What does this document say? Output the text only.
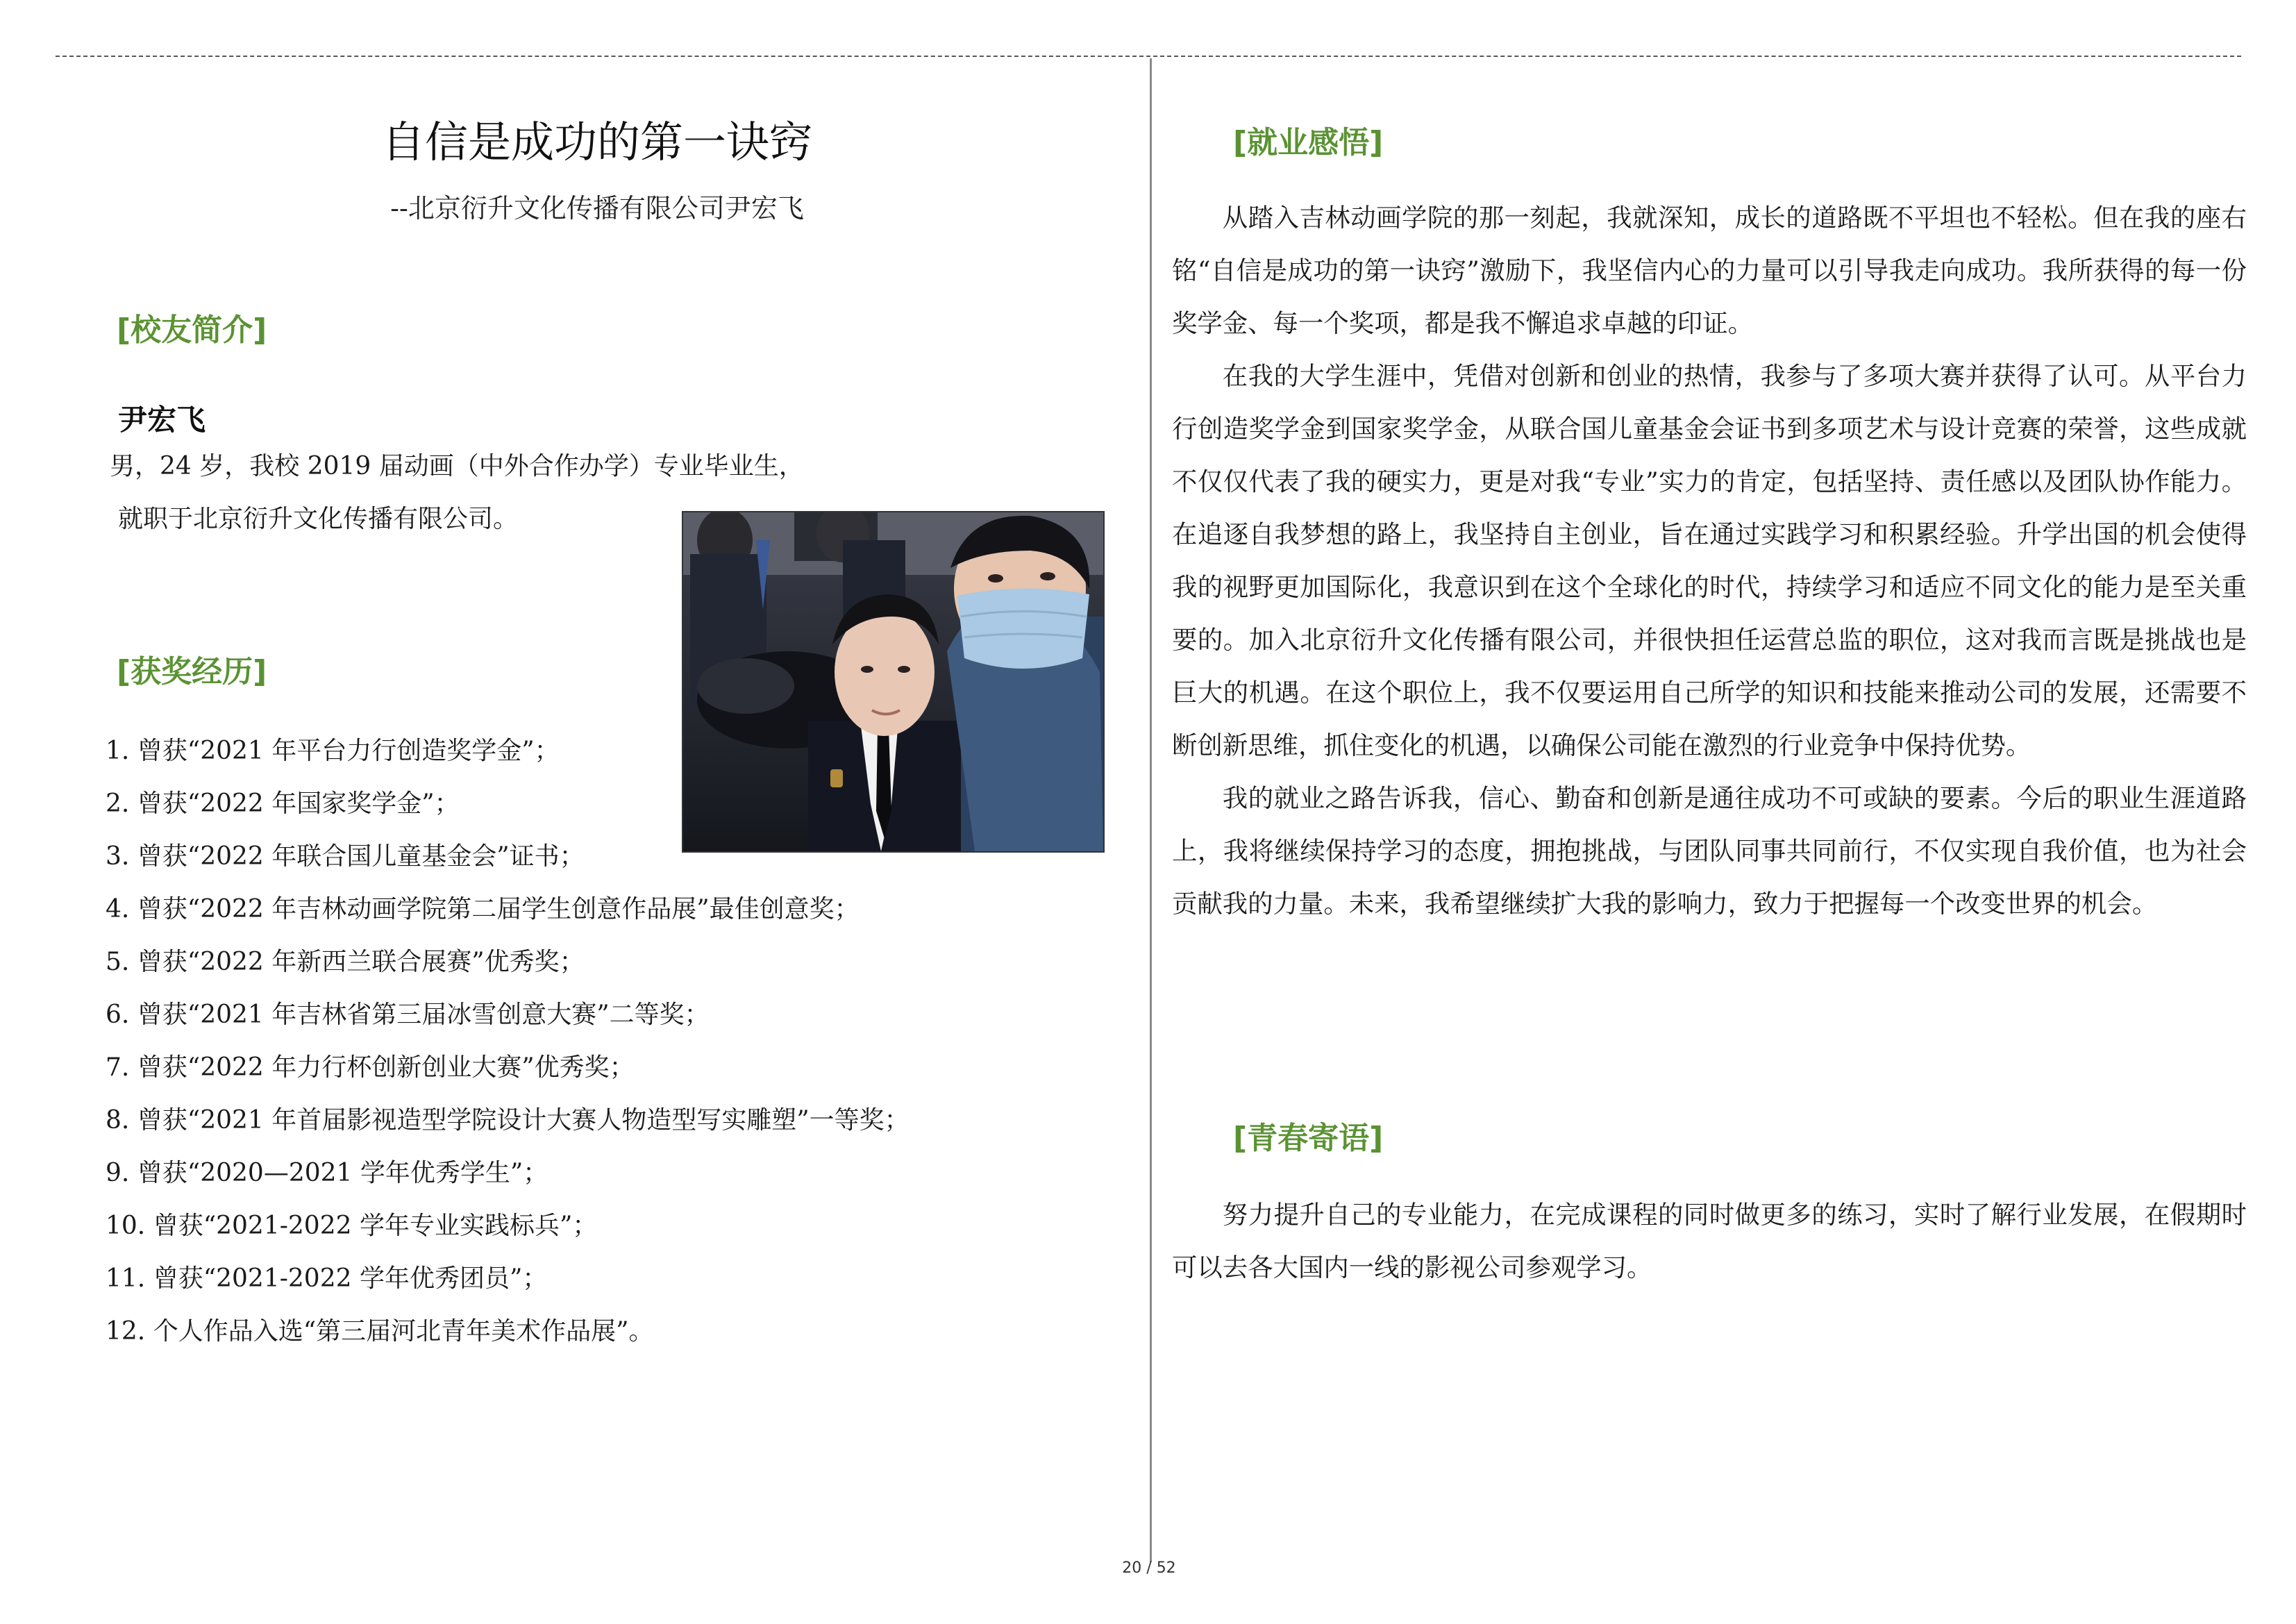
自信是成功的第一诀窍
--北京衍升文化传播有限公司尹宏飞
[校友简介]
尹宏飞
男，24 岁，我校 2019 届动画（中外合作办学）专业毕业生，
就职于北京衍升文化传播有限公司。
[获奖经历]
1. 曾获“2021 年平台力行创造奖学金”；
2. 曾获“2022 年国家奖学金”；
3. 曾获“2022 年联合国儿童基金会”证书；
4. 曾获“2022 年吉林动画学院第二届学生创意作品展”最佳创意奖；
5. 曾获“2022 年新西兰联合展赛”优秀奖；
6. 曾获“2021 年吉林省第三届冰雪创意大赛”二等奖；
7. 曾获“2022 年力行杯创新创业大赛”优秀奖；
8. 曾获“2021 年首届影视造型学院设计大赛人物造型写实雕塑”一等奖；
9. 曾获“2020—2021 学年优秀学生”；
10. 曾获“2021-2022 学年专业实践标兵”；
11. 曾获“2021-2022 学年优秀团员”；
12. 个人作品入选“第三届河北青年美术作品展”。
[就业感悟]

从踏入吉林动画学院的那一刻起，我就深知，成长的道路既不平坦也不轻松。但在我的座右铭“自信是成功的第一诀窍”激励下，我坚信内心的力量可以引导我走向成功。我所获得的每一份奖学金、每一个奖项，都是我不懈追求卓越的印证。

在我的大学生涯中，凭借对创新和创业的热情，我参与了多项大赛并获得了认可。从平台力行创造奖学金到国家奖学金，从联合国儿童基金会证书到多项艺术与设计竞赛的荣誉，这些成就不仅仅代表了我的硬实力，更是对我“专业”实力的肯定，包括坚持、责任感以及团队协作能力。在追逐自我梦想的路上，我坚持自主创业，旨在通过实践学习和积累经验。升学出国的机会使得我的视野更加国际化，我意识到在这个全球化的时代，持续学习和适应不同文化的能力是至关重要的。加入北京衍升文化传播有限公司，并很快担任运营总监的职位，这对我而言既是挑战也是巨大的机遇。在这个职位上，我不仅要运用自己所学的知识和技能来推动公司的发展，还需要不断创新思维，抓住变化的机遇，以确保公司能在激烈的行业竞争中保持优势。

我的就业之路告诉我，信心、勤奋和创新是通往成功不可或缺的要素。今后的职业生涯道路上，我将继续保持学习的态度，拥抱挑战，与团队同事共同前行，不仅实现自我价值，也为社会贡献我的力量。未来，我希望继续扩大我的影响力，致力于把握每一个改变世界的机会。

[青春寄语]

努力提升自己的专业能力，在完成课程的同时做更多的练习，实时了解行业发展，在假期时可以去各大国内一线的影视公司参观学习。

20 / 52
